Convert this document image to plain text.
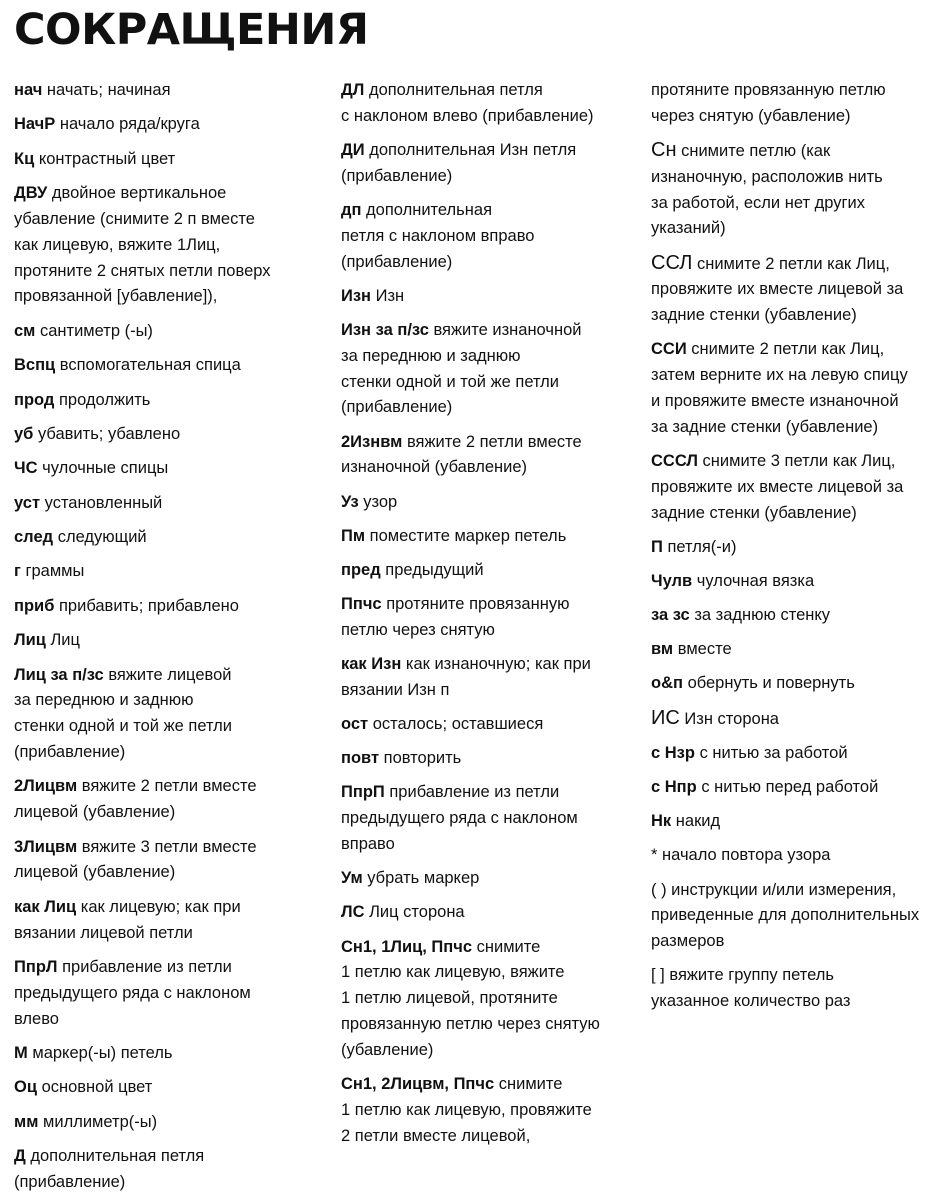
СОКРАЩЕНИЯ
нач начать; начиная
НачР начало ряда/круга
Кц контрастный цвет
ДВУ двойное вертикальное
убавление (снимите 2 п вместе
как лицевую, вяжите 1Лиц,
протяните 2 снятых петли поверх
провязанной [убавление]),
см сантиметр (-ы)
Вспц вспомогательная спица
прод продолжить
уб убавить; убавлено
ЧС чулочные спицы
уст установленный
след следующий
г граммы
приб прибавить; прибавлено
Лиц Лиц
Лиц за п/зс вяжите лицевой
за переднюю и заднюю
стенки одной и той же петли
(прибавление)
2Лицвм вяжите 2 петли вместе
лицевой (убавление)
3Лицвм вяжите 3 петли вместе
лицевой (убавление)
как Лиц как лицевую; как при
вязании лицевой петли
ПпрЛ прибавление из петли
предыдущего ряда с наклоном
влево
М маркер(-ы) петель
Оц основной цвет
мм миллиметр(-ы)
Д дополнительная петля
(прибавление)
ДЛ дополнительная петля
с наклоном влево (прибавление)
ДИ дополнительная Изн петля
(прибавление)
дп дополнительная
петля с наклоном вправо
(прибавление)
Изн Изн
Изн за п/зс вяжите изнаночной
за переднюю и заднюю
стенки одной и той же петли
(прибавление)
2Изнвм вяжите 2 петли вместе
изнаночной (убавление)
Уз узор
Пм поместите маркер петель
пред предыдущий
Ппчс протяните провязанную
петлю через снятую
как Изн как изнаночную; как при
вязании Изн п
ост осталось; оставшиеся
повт повторить
ПпрП прибавление из петли
предыдущего ряда с наклоном
вправо
Ум убрать маркер
ЛС Лиц сторона
Сн1, 1Лиц, Ппчс снимите
1 петлю как лицевую, вяжите
1 петлю лицевой, протяните
провязанную петлю через снятую
(убавление)
Сн1, 2Лицвм, Ппчс снимите
1 петлю как лицевую, провяжите
2 петли вместе лицевой,
протяните провязанную петлю
через снятую (убавление)
Сн снимите петлю (как
изнаночную, расположив нить
за работой, если нет других
указаний)
ССЛ снимите 2 петли как Лиц,
провяжите их вместе лицевой за
задние стенки (убавление)
ССИ снимите 2 петли как Лиц,
затем верните их на левую спицу
и провяжите вместе изнаночной
за задние стенки (убавление)
СССЛ снимите 3 петли как Лиц,
провяжите их вместе лицевой за
задние стенки (убавление)
П петля(-и)
Чулв чулочная вязка
за зс за заднюю стенку
вм вместе
о&п обернуть и повернуть
ИС Изн сторона
с Нзр с нитью за работой
с Нпр с нитью перед работой
Нк накид
* начало повтора узора
( ) инструкции и/или измерения,
приведенные для дополнительных
размеров
[ ] вяжите группу петель
указанное количество раз
